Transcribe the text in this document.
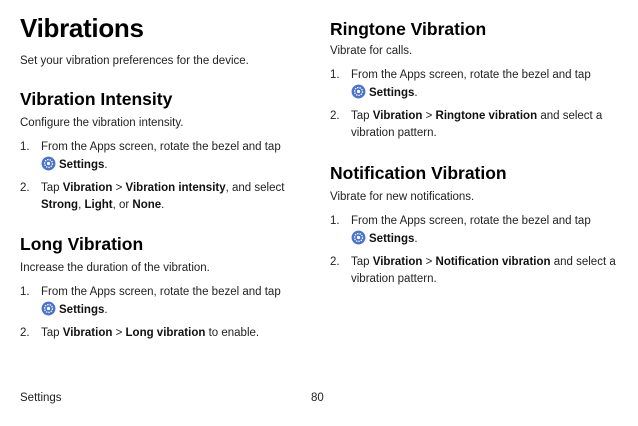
Vibrations

Set your vibration preferences for the device.

Vibration Intensity

Configure the vibration intensity.

1. From the Apps screen, rotate the bezel and tap
Settings.
2. Tap Vibration > Vibration intensity, and select Strong, Light, or None.
Long Vibration

Increase the duration of the vibration.

1. From the Apps screen, rotate the bezel and tap
Settings.
2. Tap Vibration > Long vibration to enable.
Ringtone Vibration

Vibrate for calls.

1. From the Apps screen, rotate the bezel and tap
Settings.
2. Tap Vibration > Ringtone vibration and select a vibration pattern.
Notification Vibration

Vibrate for new notifications.

1. From the Apps screen, rotate the bezel and tap
Settings.
2. Tap Vibration > Notification vibration and select a vibration pattern.
Settings	80
